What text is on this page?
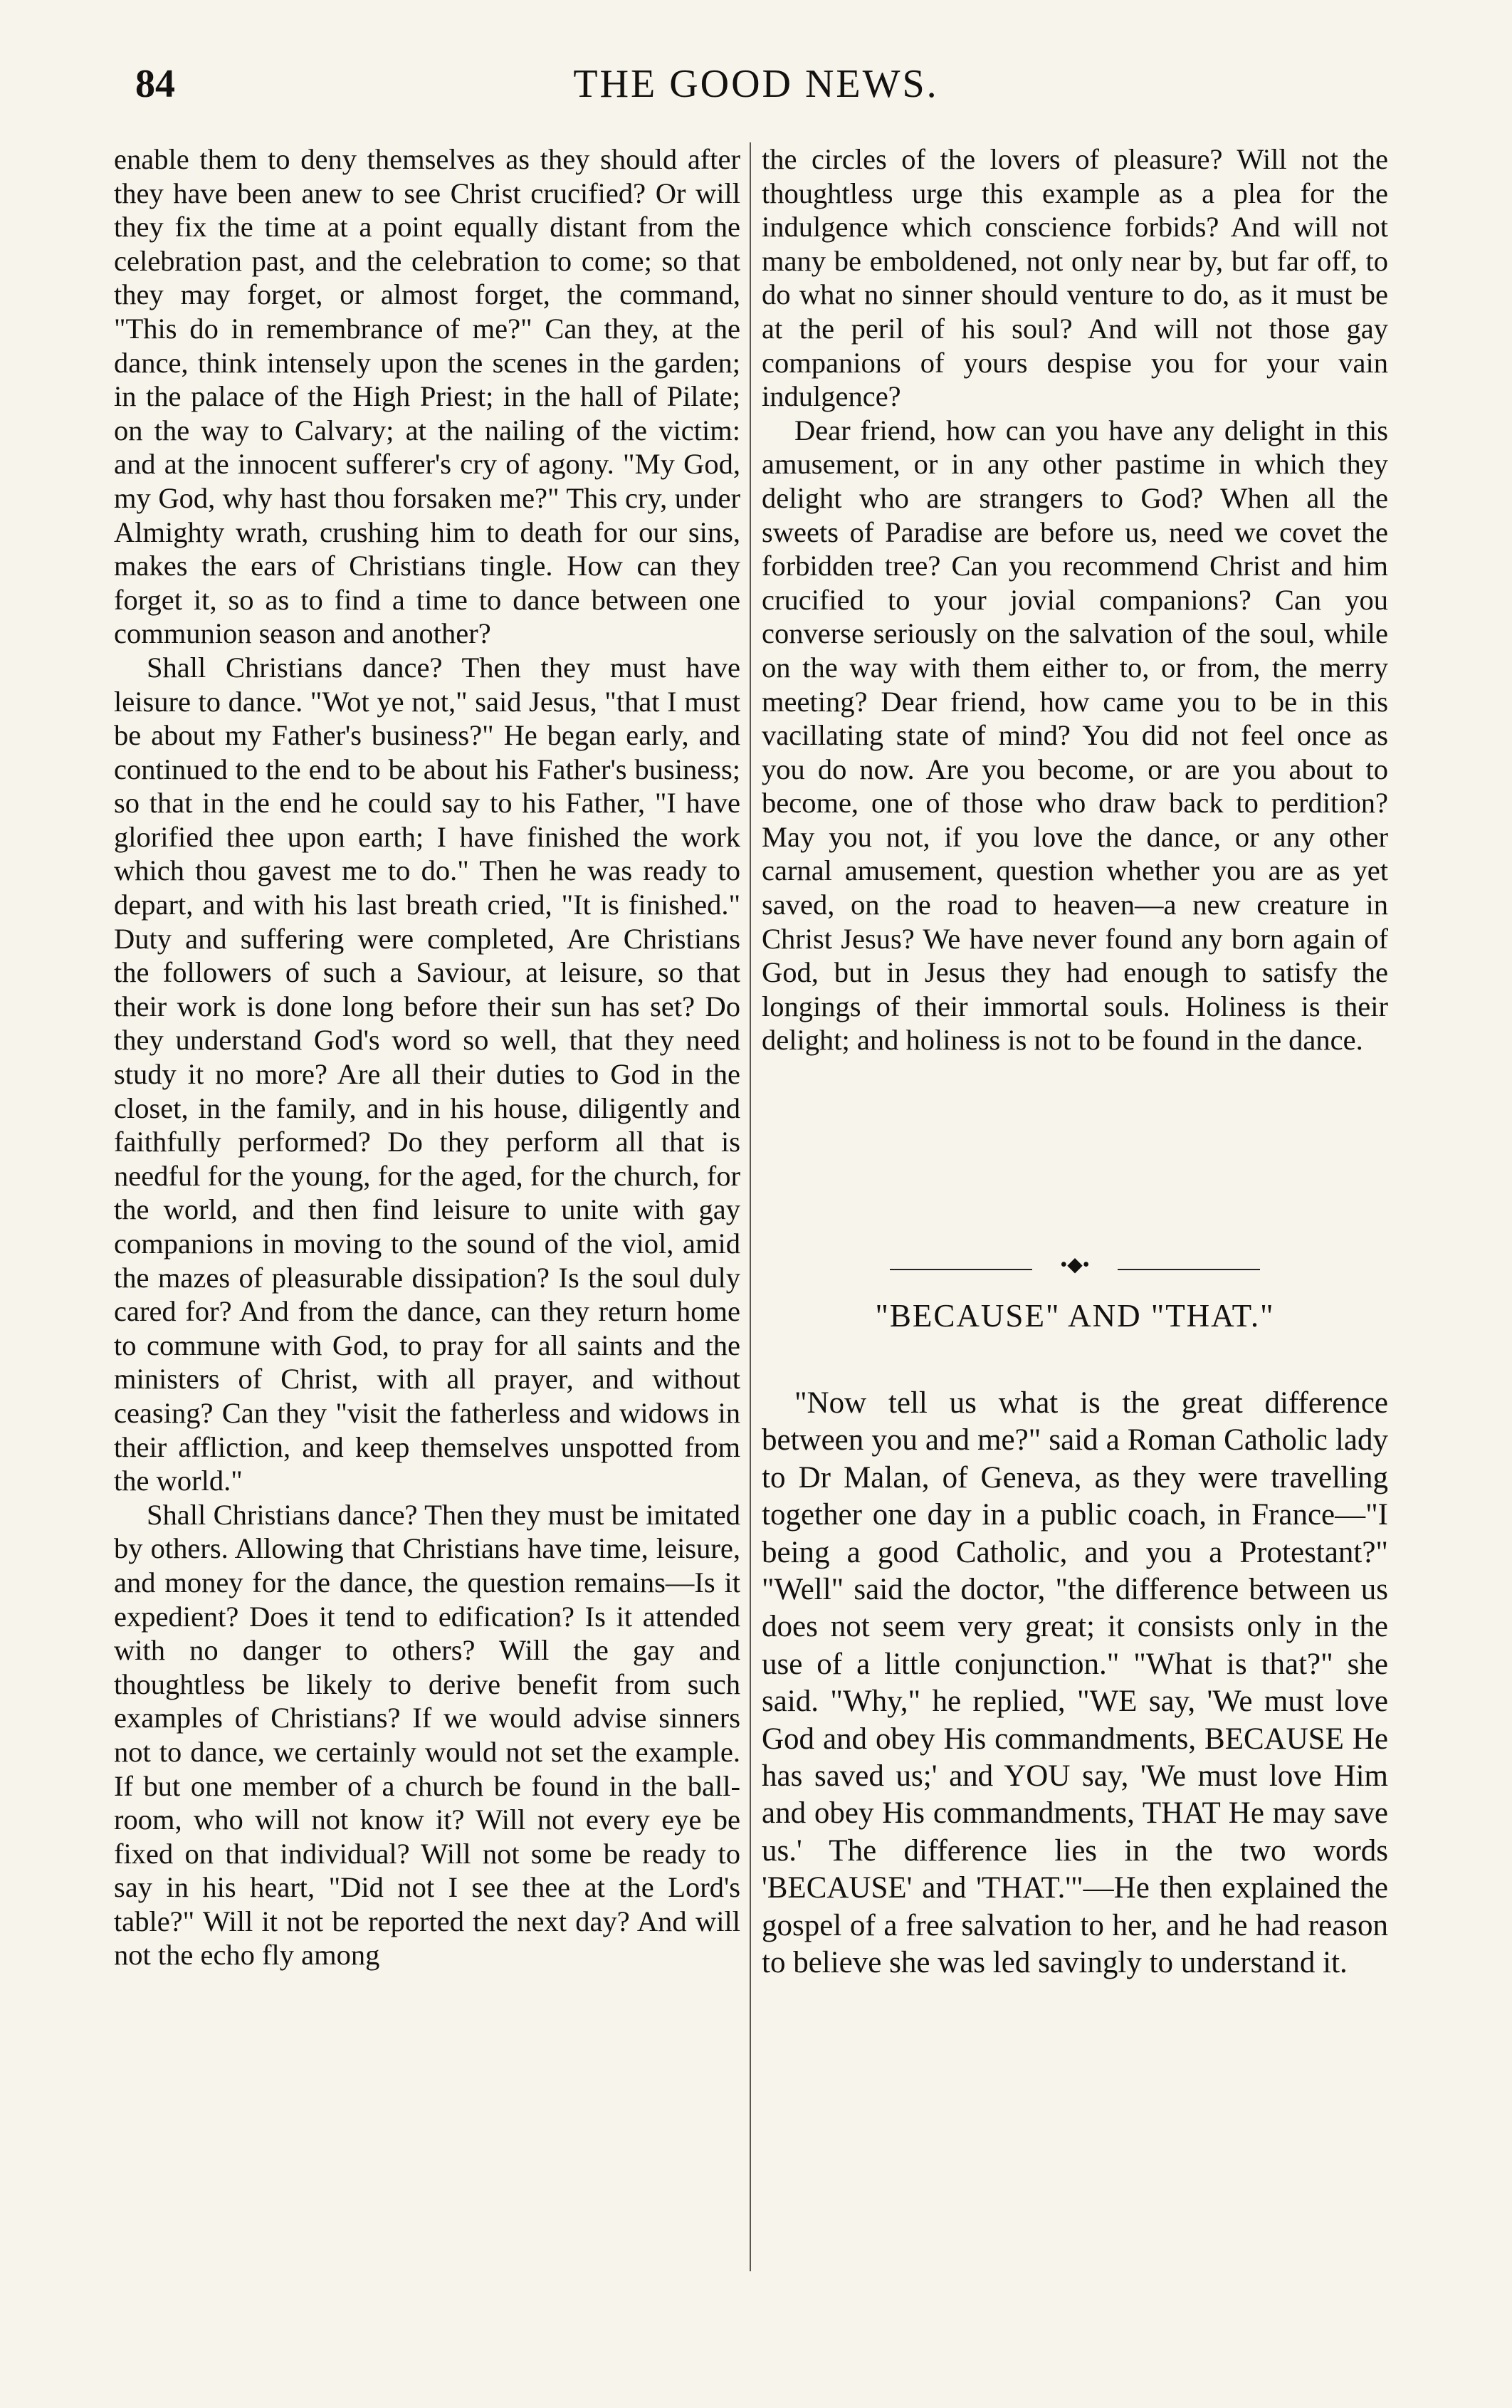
84	THE GOOD NEWS.

enable them to deny themselves as they should after they have been anew to see Christ crucified? Or will they fix the time at a point equally distant from the celebration past, and the celebration to come; so that they may forget, or almost forget, the command, "This do in remembrance of me?" Can they, at the dance, think intensely upon the scenes in the garden; in the palace of the High Priest; in the hall of Pilate; on the way to Calvary; at the nailing of the victim: and at the innocent sufferer's cry of agony. "My God, my God, why hast thou forsaken me?" This cry, under Almighty wrath, crushing him to death for our sins, makes the ears of Christians tingle. How can they forget it, so as to find a time to dance between one communion season and another?

Shall Christians dance? Then they must have leisure to dance. "Wot ye not," said Jesus, "that I must be about my Father's business?" He began early, and continued to the end to be about his Father's business; so that in the end he could say to his Father, "I have glorified thee upon earth; I have finished the work which thou gavest me to do." Then he was ready to depart, and with his last breath cried, "It is finished." Duty and suffering were completed, Are Christians the followers of such a Saviour, at leisure, so that their work is done long before their sun has set? Do they understand God's word so well, that they need study it no more? Are all their duties to God in the closet, in the family, and in his house, diligently and faithfully performed? Do they perform all that is needful for the young, for the aged, for the church, for the world, and then find leisure to unite with gay companions in moving to the sound of the viol, amid the mazes of pleasurable dissipation? Is the soul duly cared for? And from the dance, can they return home to commune with God, to pray for all saints and the ministers of Christ, with all prayer, and without ceasing? Can they "visit the fatherless and widows in their affliction, and keep themselves unspotted from the world."

Shall Christians dance? Then they must be imitated by others. Allowing that Christians have time, leisure, and money for the dance, the question remains—Is it expedient? Does it tend to edification? Is it attended with no danger to others? Will the gay and thoughtless be likely to derive benefit from such examples of Christians? If we would advise sinners not to dance, we certainly would not set the example. If but one member of a church be found in the ball-room, who will not know it? Will not every eye be fixed on that individual? Will not some be ready to say in his heart, "Did not I see thee at the Lord's table?" Will it not be reported the next day? And will not the echo fly among

the circles of the lovers of pleasure? Will not the thoughtless urge this example as a plea for the indulgence which conscience forbids? And will not many be emboldened, not only near by, but far off, to do what no sinner should venture to do, as it must be at the peril of his soul? And will not those gay companions of yours despise you for your vain indulgence?

Dear friend, how can you have any delight in this amusement, or in any other pastime in which they delight who are strangers to God? When all the sweets of Paradise are before us, need we covet the forbidden tree? Can you recommend Christ and him crucified to your jovial companions? Can you converse seriously on the salvation of the soul, while on the way with them either to, or from, the merry meeting? Dear friend, how came you to be in this vacillating state of mind? You did not feel once as you do now. Are you become, or are you about to become, one of those who draw back to perdition? May you not, if you love the dance, or any other carnal amusement, question whether you are as yet saved, on the road to heaven—a new creature in Christ Jesus? We have never found any born again of God, but in Jesus they had enough to satisfy the longings of their immortal souls. Holiness is their delight; and holiness is not to be found in the dance.

•◆•
"BECAUSE" AND "THAT."

"Now tell us what is the great difference between you and me?" said a Roman Catholic lady to Dr Malan, of Geneva, as they were travelling together one day in a public coach, in France—"I being a good Catholic, and you a Protestant?" "Well" said the doctor, "the difference between us does not seem very great; it consists only in the use of a little conjunction." "What is that?" she said. "Why," he replied, "WE say, 'We must love God and obey His commandments, BECAUSE He has saved us;' and YOU say, 'We must love Him and obey His commandments, THAT He may save us.' The difference lies in the two words 'BECAUSE' and 'THAT.'"—He then explained the gospel of a free salvation to her, and he had reason to believe she was led savingly to understand it.
